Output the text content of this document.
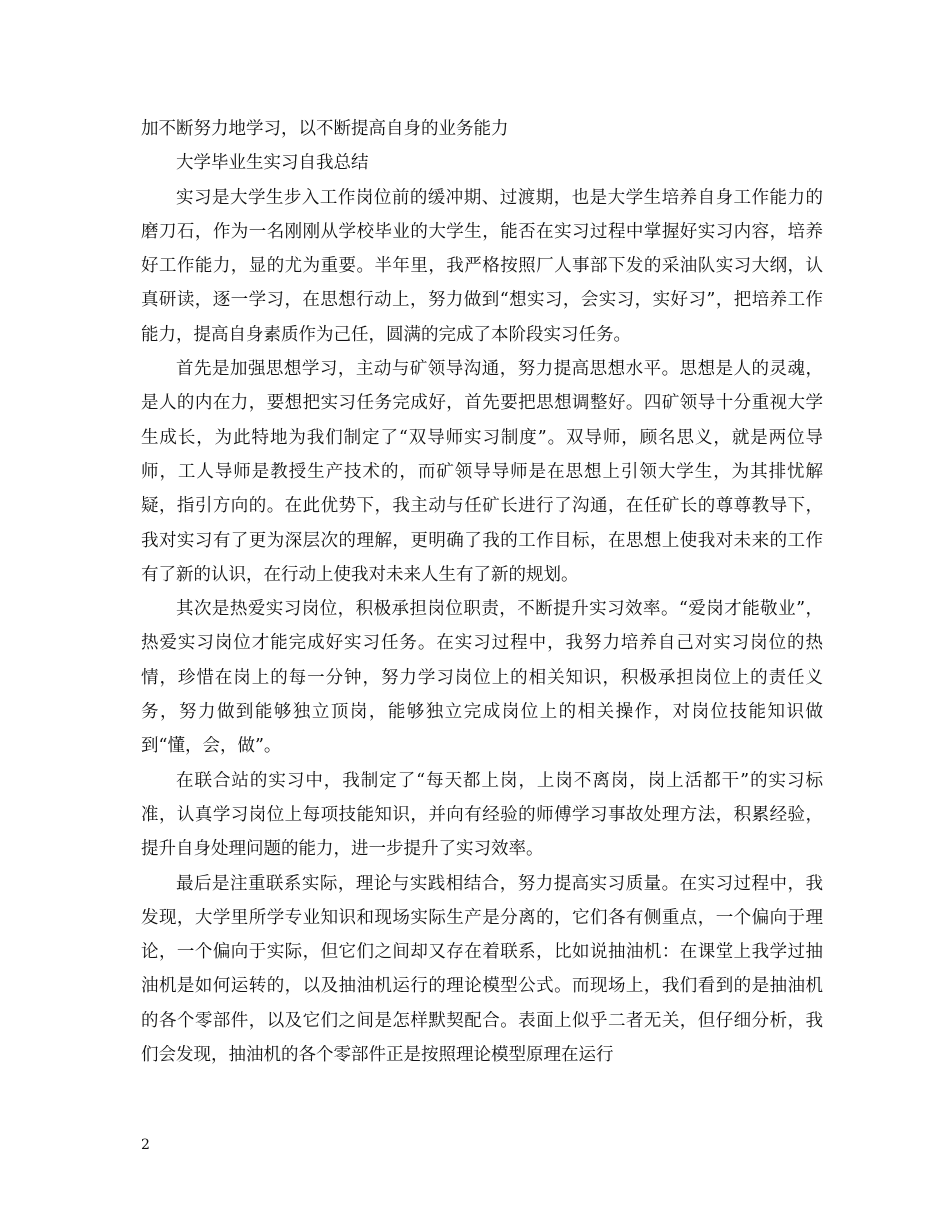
加不断努力地学习，以不断提高自身的业务能力

大学毕业生实习自我总结

实习是大学生步入工作岗位前的缓冲期、过渡期，也是大学生培养自身工作能力的磨刀石，作为一名刚刚从学校毕业的大学生，能否在实习过程中掌握好实习内容，培养好工作能力，显的尤为重要。半年里，我严格按照厂人事部下发的采油队实习大纲，认真研读，逐一学习，在思想行动上，努力做到“想实习，会实习，实好习”，把培养工作能力，提高自身素质作为己任，圆满的完成了本阶段实习任务。

首先是加强思想学习，主动与矿领导沟通，努力提高思想水平。思想是人的灵魂，是人的内在力，要想把实习任务完成好，首先要把思想调整好。四矿领导十分重视大学生成长，为此特地为我们制定了“双导师实习制度”。双导师，顾名思义，就是两位导师，工人导师是教授生产技术的，而矿领导导师是在思想上引领大学生，为其排忧解疑，指引方向的。在此优势下，我主动与任矿长进行了沟通，在任矿长的尊尊教导下，我对实习有了更为深层次的理解，更明确了我的工作目标，在思想上使我对未来的工作有了新的认识，在行动上使我对未来人生有了新的规划。

其次是热爱实习岗位，积极承担岗位职责，不断提升实习效率。“爱岗才能敬业”，热爱实习岗位才能完成好实习任务。在实习过程中，我努力培养自己对实习岗位的热情，珍惜在岗上的每一分钟，努力学习岗位上的相关知识，积极承担岗位上的责任义务，努力做到能够独立顶岗，能够独立完成岗位上的相关操作，对岗位技能知识做到“懂，会，做”。

在联合站的实习中，我制定了“每天都上岗，上岗不离岗，岗上活都干”的实习标准，认真学习岗位上每项技能知识，并向有经验的师傅学习事故处理方法，积累经验，提升自身处理问题的能力，进一步提升了实习效率。

最后是注重联系实际，理论与实践相结合，努力提高实习质量。在实习过程中，我发现，大学里所学专业知识和现场实际生产是分离的，它们各有侧重点，一个偏向于理论，一个偏向于实际，但它们之间却又存在着联系，比如说抽油机：在课堂上我学过抽油机是如何运转的，以及抽油机运行的理论模型公式。而现场上，我们看到的是抽油机的各个零部件，以及它们之间是怎样默契配合。表面上似乎二者无关，但仔细分析，我们会发现，抽油机的各个零部件正是按照理论模型原理在运行

2
